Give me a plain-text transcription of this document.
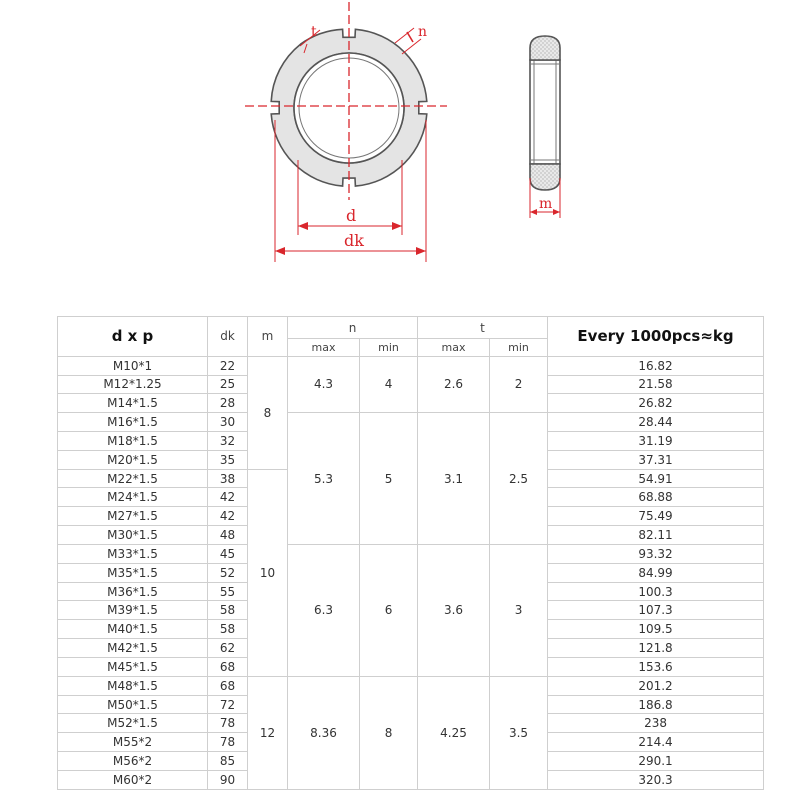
t	n
d
dk
m
d x p	dk	m	n		t		Every 1000pcs≈kg
			max	min	max	min	
M10*1	22	8	4.3	4	2.6	2	16.82
M12*1.25	25						21.58
M14*1.5	28						26.82
M16*1.5	30		5.3	5	3.1	2.5	28.44
M18*1.5	32						31.19
M20*1.5	35						37.31
M22*1.5	38	10					54.91
M24*1.5	42						68.88
M27*1.5	42						75.49
M30*1.5	48						82.11
M33*1.5	45		6.3	6	3.6	3	93.32
M35*1.5	52						84.99
M36*1.5	55						100.3
M39*1.5	58						107.3
M40*1.5	58						109.5
M42*1.5	62						121.8
M45*1.5	68						153.6
M48*1.5	68	12	8.36	8	4.25	3.5	201.2
M50*1.5	72						186.8
M52*1.5	78						238
M55*2	78						214.4
M56*2	85						290.1
M60*2	90						320.3
